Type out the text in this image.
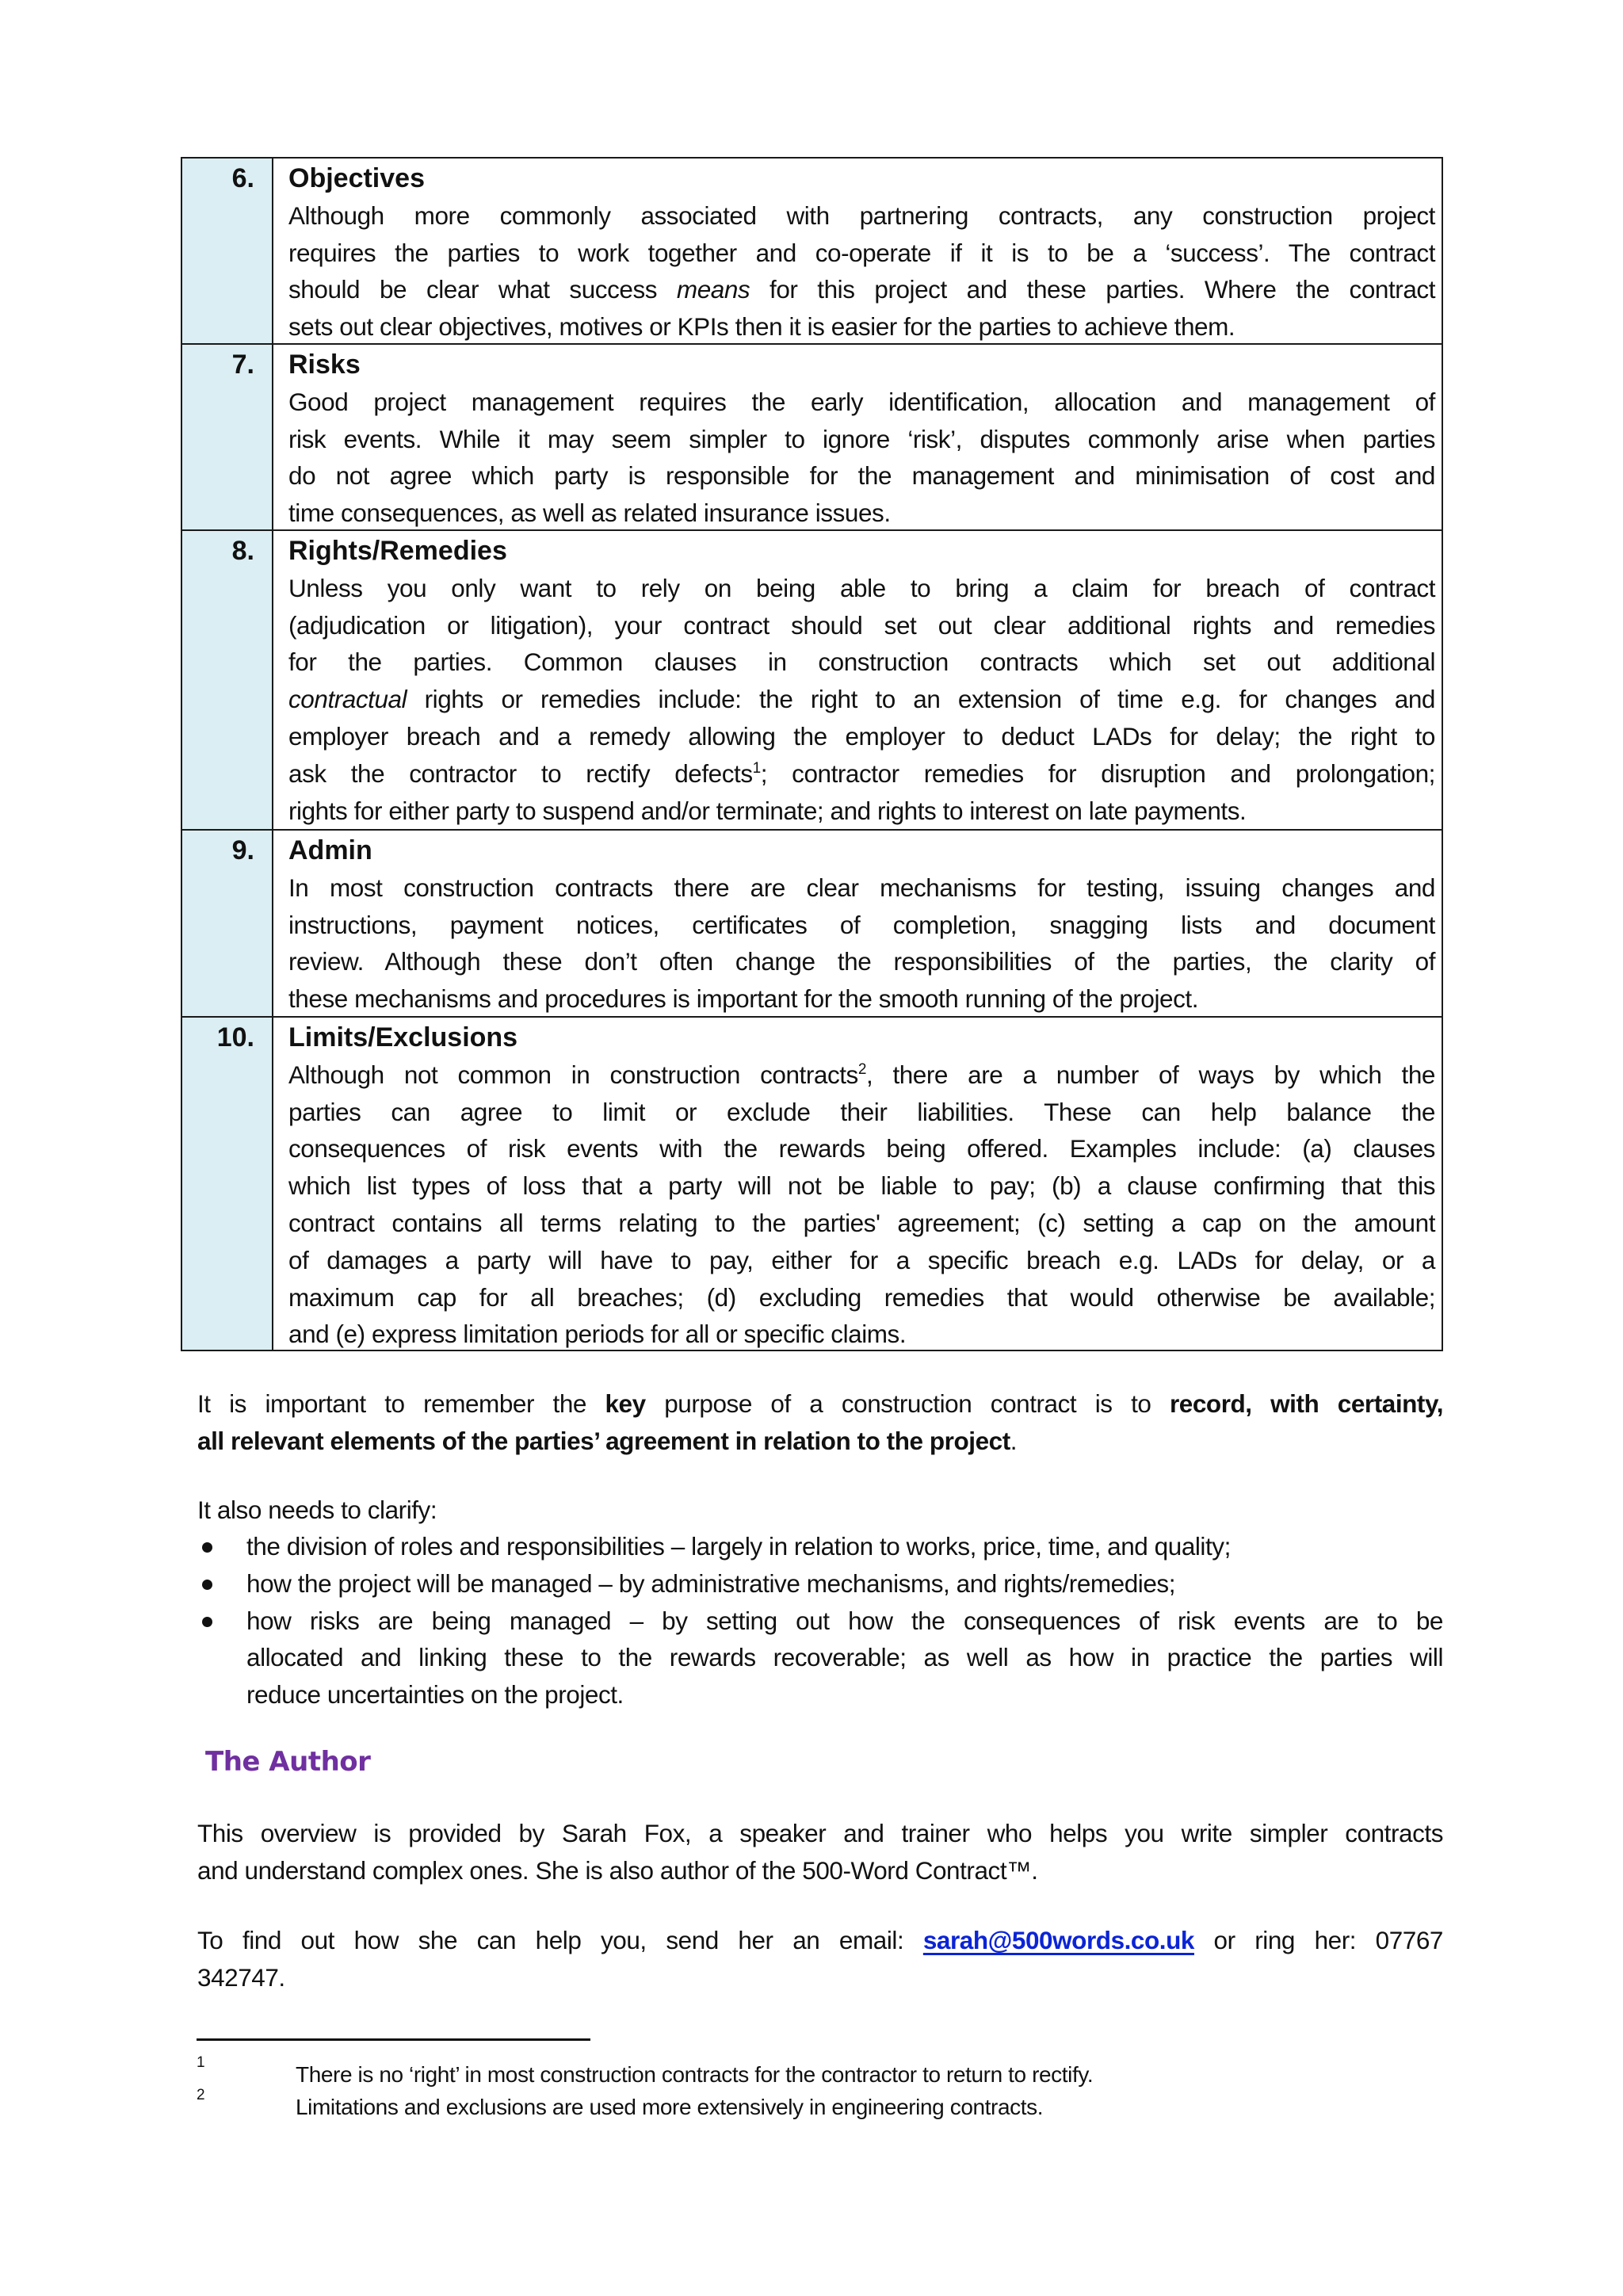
6.	Objectives
Although more commonly associated with partnering contracts, any construction project
requires the parties to work together and co-operate if it is to be a ‘success’. The contract
should be clear what success means for this project and these parties. Where the contract
sets out clear objectives, motives or KPIs then it is easier for the parties to achieve them.
7.	Risks
Good project management requires the early identification, allocation and management of
risk events. While it may seem simpler to ignore ‘risk’, disputes commonly arise when parties
do not agree which party is responsible for the management and minimisation of cost and
time consequences, as well as related insurance issues.
8.	Rights/Remedies
Unless you only want to rely on being able to bring a claim for breach of contract
(adjudication or litigation), your contract should set out clear additional rights and remedies
for the parties. Common clauses in construction contracts which set out additional
contractual rights or remedies include: the right to an extension of time e.g. for changes and
employer breach and a remedy allowing the employer to deduct LADs for delay; the right to
ask the contractor to rectify defects$^1$; contractor remedies for disruption and prolongation;
rights for either party to suspend and/or terminate; and rights to interest on late payments.
9.	Admin
In most construction contracts there are clear mechanisms for testing, issuing changes and
instructions, payment notices, certificates of completion, snagging lists and document
review. Although these don’t often change the responsibilities of the parties, the clarity of
these mechanisms and procedures is important for the smooth running of the project.
10.	Limits/Exclusions
Although not common in construction contracts$^2$, there are a number of ways by which the
parties can agree to limit or exclude their liabilities. These can help balance the
consequences of risk events with the rewards being offered. Examples include: (a) clauses
which list types of loss that a party will not be liable to pay; (b) a clause confirming that this
contract contains all terms relating to the parties' agreement; (c) setting a cap on the amount
of damages a party will have to pay, either for a specific breach e.g. LADs for delay, or a
maximum cap for all breaches; (d) excluding remedies that would otherwise be available;
and (e) express limitation periods for all or specific claims.
It is important to remember the key purpose of a construction contract is to record, with certainty,
all relevant elements of the parties’ agreement in relation to the project.
It also needs to clarify:
the division of roles and responsibilities – largely in relation to works, price, time, and quality;
how the project will be managed – by administrative mechanisms, and rights/remedies;
how risks are being managed – by setting out how the consequences of risk events are to be
allocated and linking these to the rewards recoverable; as well as how in practice the parties will
reduce uncertainties on the project.
The Author
This overview is provided by Sarah Fox, a speaker and trainer who helps you write simpler contracts
and understand complex ones. She is also author of the 500-Word Contract™.
To find out how she can help you, send her an email: sarah@500words.co.uk or ring her: 07767
342747.
1	There is no ‘right’ in most construction contracts for the contractor to return to rectify.
2	Limitations and exclusions are used more extensively in engineering contracts.
